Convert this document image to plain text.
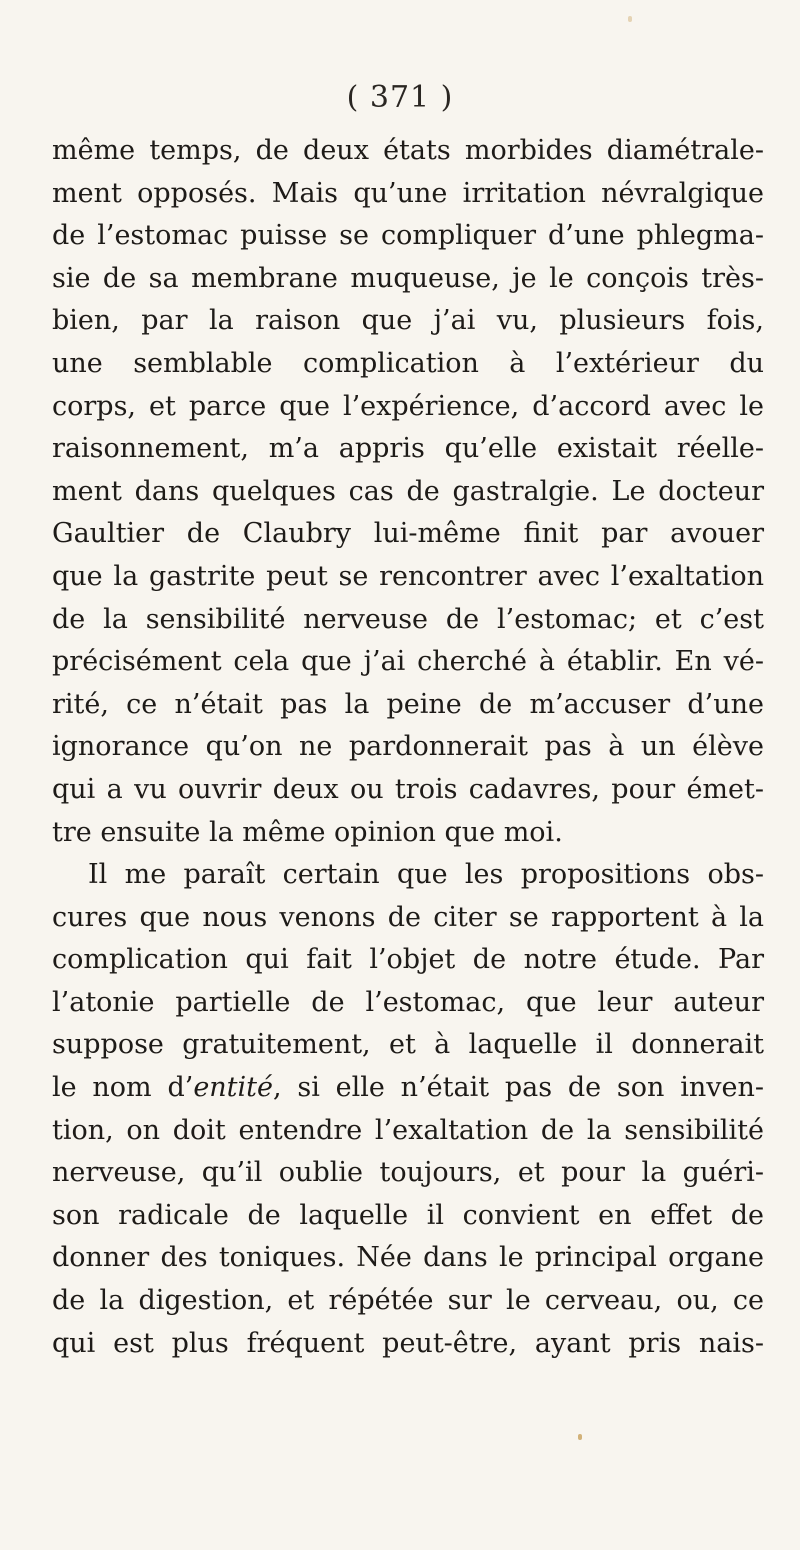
( 371 )
même temps, de deux états morbides diamétrale-
ment opposés. Mais qu’une irritation névralgique
de l’estomac puisse se compliquer d’une phlegma-
sie de sa membrane muqueuse, je le conçois très-
bien, par la raison que j’ai vu, plusieurs fois,
une semblable complication à l’extérieur du
corps, et parce que l’expérience, d’accord avec le
raisonnement, m’a appris qu’elle existait réelle-
ment dans quelques cas de gastralgie. Le docteur
Gaultier de Claubry lui-même finit par avouer
que la gastrite peut se rencontrer avec l’exaltation
de la sensibilité nerveuse de l’estomac; et c’est
précisément cela que j’ai cherché à établir. En vé-
rité, ce n’était pas la peine de m’accuser d’une
ignorance qu’on ne pardonnerait pas à un élève
qui a vu ouvrir deux ou trois cadavres, pour émet-
tre ensuite la même opinion que moi.
Il me paraît certain que les propositions obs-
cures que nous venons de citer se rapportent à la
complication qui fait l’objet de notre étude. Par
l’atonie partielle de l’estomac, que leur auteur
suppose gratuitement, et à laquelle il donnerait
le nom d’entité, si elle n’était pas de son inven-
tion, on doit entendre l’exaltation de la sensibilité
nerveuse, qu’il oublie toujours, et pour la guéri-
son radicale de laquelle il convient en effet de
donner des toniques. Née dans le principal organe
de la digestion, et répétée sur le cerveau, ou, ce
qui est plus fréquent peut-être, ayant pris nais-
